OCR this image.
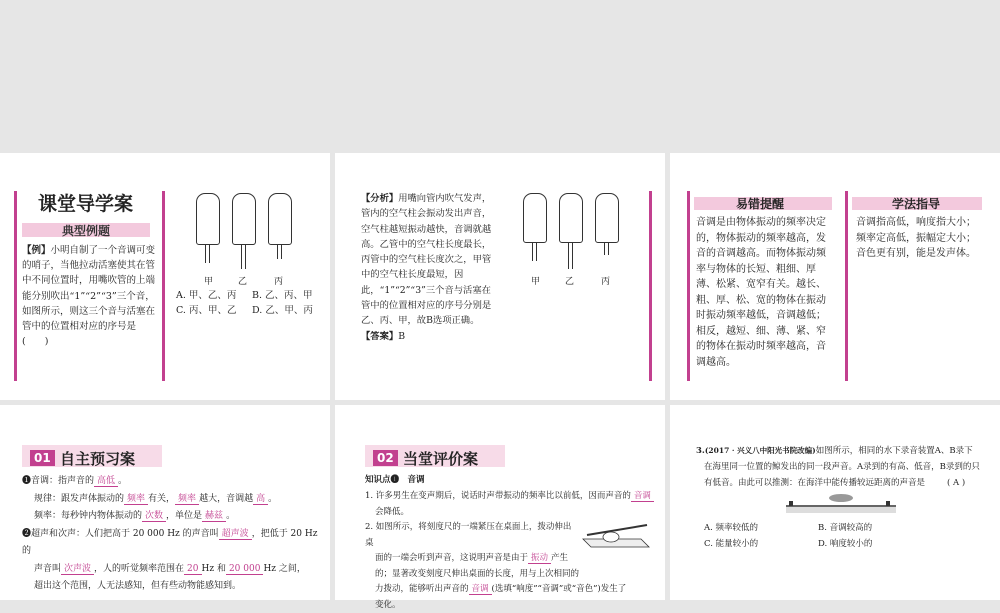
课堂导学案
典型例题
【例】小明自制了一个音调可变的哨子，当他拉动活塞使其在管中不同位置时，用嘴吹管的上端能分别吹出“1”“2”“3”三个音，如图所示，则这三个音与活塞在管中的位置相对应的序号是 (　　)
甲	乙	丙
A. 甲、乙、丙 B. 乙、丙、甲
C. 丙、甲、乙 D. 乙、甲、丙
【分析】用嘴向管内吹气发声，管内的空气柱会振动发出声音，空气柱越短振动越快，音调就越高。乙管中的空气柱长度最长，丙管中的空气柱长度次之，甲管中的空气柱长度最短，因此，“1”“2”“3”三个音与活塞在管中的位置相对应的序号分别是乙、丙、甲，故B选项正确。
【答案】B
甲	乙	丙
易错提醒
音调是由物体振动的频率决定的，物体振动的频率越高，发音的音调越高。而物体振动频率与物体的长短、粗细、厚薄、松紧、宽窄有关。越长、粗、厚、松、宽的物体在振动时振动频率越低，音调越低；相反，越短、细、薄、紧、窄的物体在振动时频率越高，音调越高。
学法指导
音调指高低，响度指大小；频率定高低，振幅定大小；音色更有别，能是发声体。
01 自主预习案
❶音调：指声音的 高低 。
规律：跟发声体振动的 频率 有关， 频率 越大，音调越 高 。
频率：每秒钟内物体振动的 次数 ，单位是 赫兹 。
❷超声和次声：人们把高于 20 000 Hz 的声音叫 超声波 ，把低于 20 Hz 的
声音叫 次声波 ，人的听觉频率范围在 20 Hz 和 20 000 Hz 之间，
超出这个范围，人无法感知，但有些动物能感知到。
02 当堂评价案
知识点❶　音调
1. 许多男生在变声期后，说话时声带振动的频率比以前低，因而声音的 音调
会降低。
2. 如图所示，将刻度尺的一端紧压在桌面上，拨动伸出桌
面的一端会听到声音，这说明声音是由于 振动 产生
的；显著改变刻度尺伸出桌面的长度，用与上次相同的
力拨动，能够听出声音的 音调 (选填“响度”“音调”或“音色”)发生了
变化。
3.(2017 · 兴义八中阳光书院改编)如图所示，相同的水下录音装置A、B录下
在海里同一位置的鲸发出的同一段声音。A录到的有高、低音，B录到的只
有低音。由此可以推测：在海洋中能传播较远距离的声音是	( A )
A. 频率较低的	B. 音调较高的
C. 能量较小的	D. 响度较小的
